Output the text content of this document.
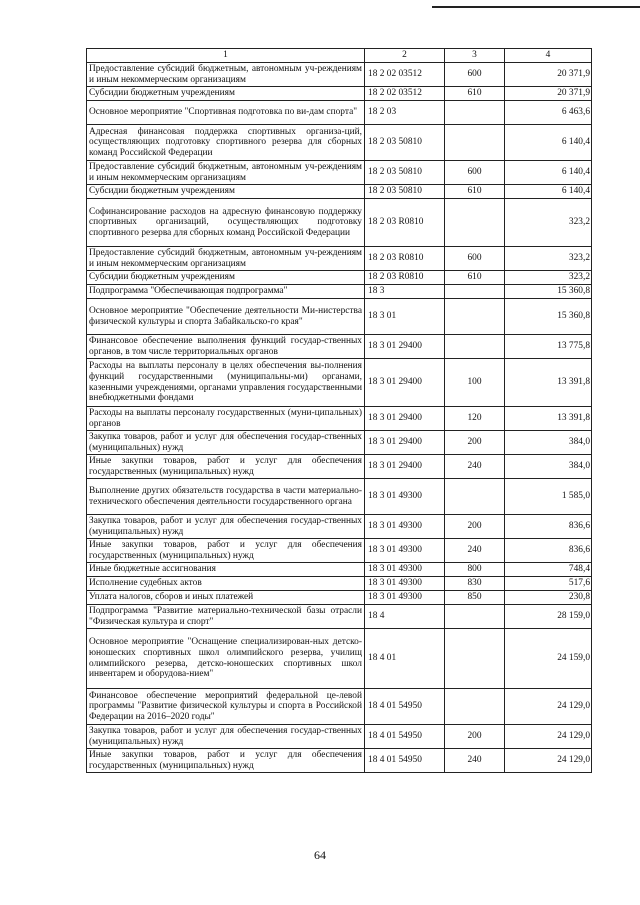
1	2	3	4
Предоставление субсидий бюджетным, автономным уч-реждениям и иным некоммерческим организациям	18 2 02 03512	600	20 371,9
Субсидии бюджетным учреждениям	18 2 02 03512	610	20 371,9
Основное мероприятие "Спортивная подготовка по ви-дам спорта"	18 2 03		6 463,6
Адресная финансовая поддержка спортивных организа-ций, осуществляющих подготовку спортивного резерва для сборных команд Российской Федерации	18 2 03 50810		6 140,4
Предоставление субсидий бюджетным, автономным уч-реждениям и иным некоммерческим организациям	18 2 03 50810	600	6 140,4
Субсидии бюджетным учреждениям	18 2 03 50810	610	6 140,4
Софинансирование расходов на адресную финансовую поддержку спортивных организаций, осуществляющих подготовку спортивного резерва для сборных команд Российской Федерации	18 2 03 R0810		323,2
Предоставление субсидий бюджетным, автономным уч-реждениям и иным некоммерческим организациям	18 2 03 R0810	600	323,2
Субсидии бюджетным учреждениям	18 2 03 R0810	610	323,2
Подпрограмма "Обеспечивающая подпрограмма"	18 3		15 360,8
Основное мероприятие "Обеспечение деятельности Ми-нистерства физической культуры и спорта Забайкальско-го края"	18 3 01		15 360,8
Финансовое обеспечение выполнения функций государ-ственных органов, в том числе территориальных органов	18 3 01 29400		13 775,8
Расходы на выплаты персоналу в целях обеспечения вы-полнения функций государственными (муниципальны-ми) органами, казенными учреждениями, органами управления государственными внебюджетными фондами	18 3 01 29400	100	13 391,8
Расходы на выплаты персоналу государственных (муни-ципальных) органов	18 3 01 29400	120	13 391,8
Закупка товаров, работ и услуг для обеспечения государ-ственных (муниципальных) нужд	18 3 01 29400	200	384,0
Иные закупки товаров, работ и услуг для обеспечения государственных (муниципальных) нужд	18 3 01 29400	240	384,0
Выполнение других обязательств государства в части материально-технического обеспечения деятельности государственного органа	18 3 01 49300		1 585,0
Закупка товаров, работ и услуг для обеспечения государ-ственных (муниципальных) нужд	18 3 01 49300	200	836,6
Иные закупки товаров, работ и услуг для обеспечения государственных (муниципальных) нужд	18 3 01 49300	240	836,6
Иные бюджетные ассигнования	18 3 01 49300	800	748,4
Исполнение судебных актов	18 3 01 49300	830	517,6
Уплата налогов, сборов и иных платежей	18 3 01 49300	850	230,8
Подпрограмма "Развитие материально-технической базы отрасли "Физическая культура и спорт"	18 4		28 159,0
Основное мероприятие "Оснащение специализирован-ных детско-юношеских спортивных школ олимпийского резерва, училищ олимпийского резерва, детско-юношеских спортивных школ инвентарем и оборудова-нием"	18 4 01		24 159,0
Финансовое обеспечение мероприятий федеральной це-левой программы "Развитие физической культуры и спорта в Российской Федерации на 2016–2020 годы"	18 4 01 54950		24 129,0
Закупка товаров, работ и услуг для обеспечения государ-ственных (муниципальных) нужд	18 4 01 54950	200	24 129,0
Иные закупки товаров, работ и услуг для обеспечения государственных (муниципальных) нужд	18 4 01 54950	240	24 129,0
64
